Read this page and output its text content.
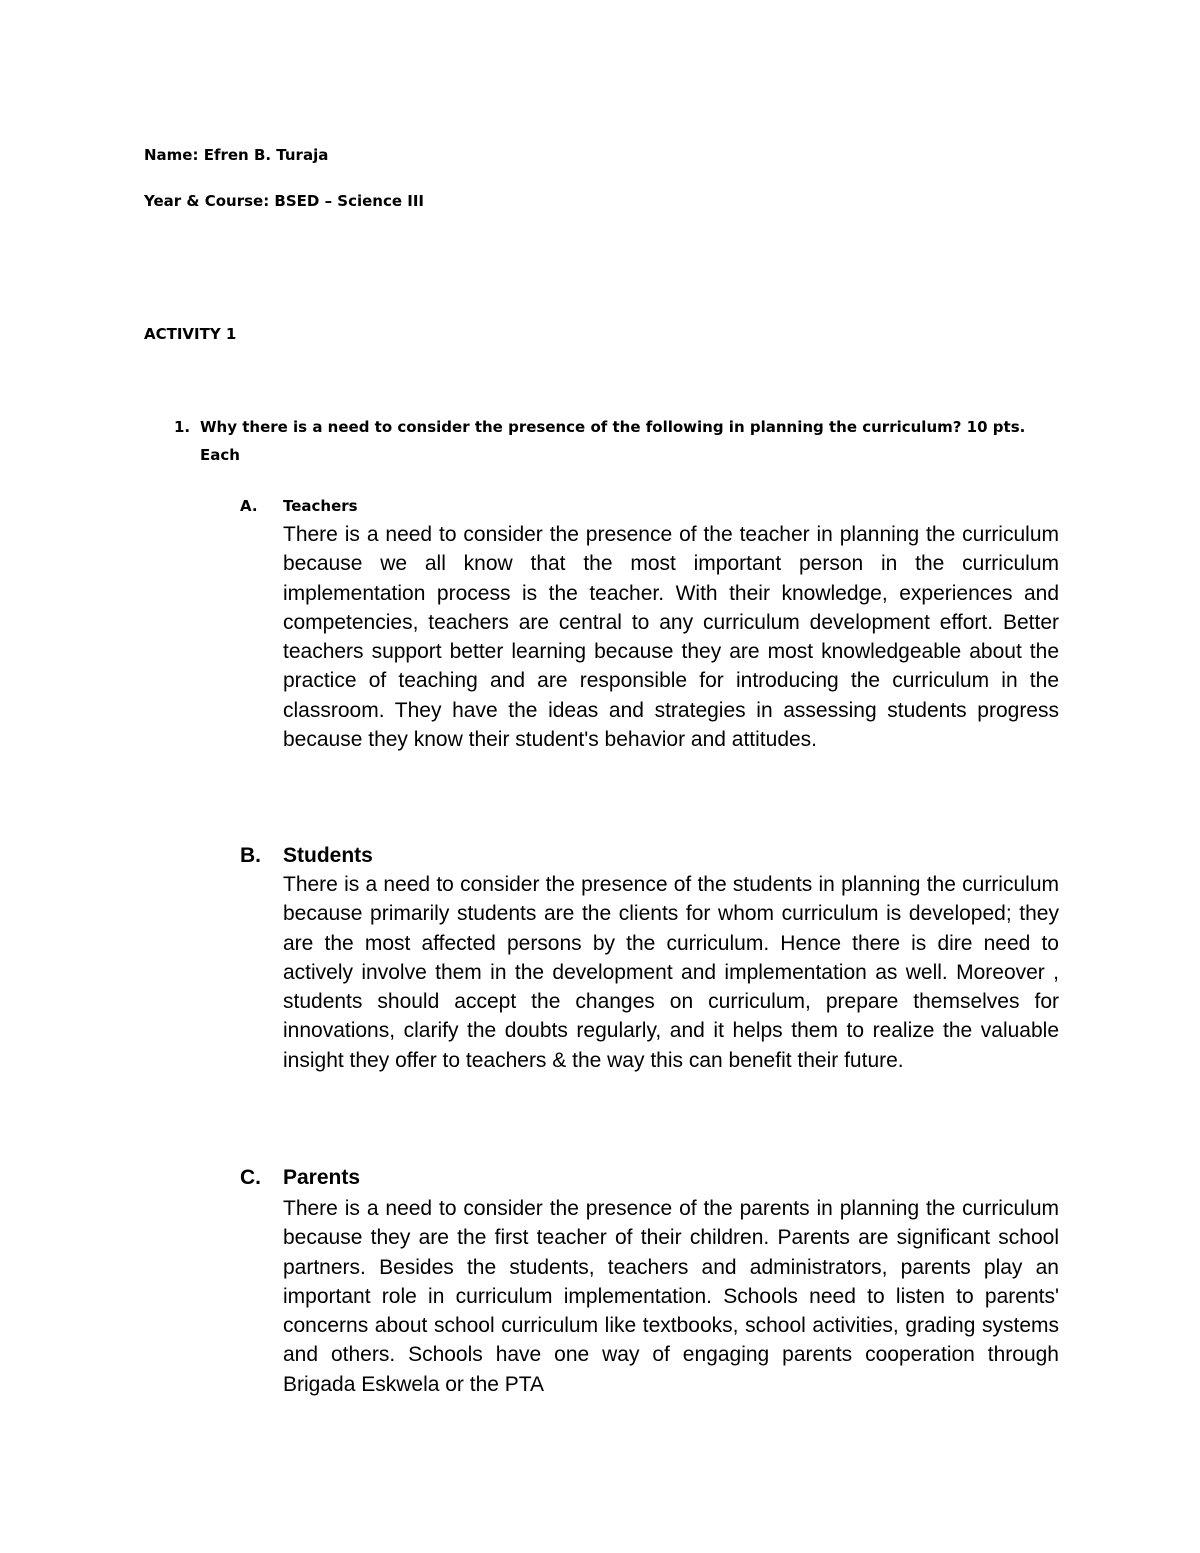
Name: Efren B. Turaja
Year & Course: BSED – Science III
ACTIVITY 1
1. Why there is a need to consider the presence of the following in planning the curriculum? 10 pts. Each
A. Teachers

There is a need to consider the presence of the teacher in planning the curriculum because we all know that the most important person in the curriculum implementation process is the teacher. With their knowledge, experiences and competencies, teachers are central to any curriculum development effort. Better teachers support better learning because they are most knowledgeable about the practice of teaching and are responsible for introducing the curriculum in the classroom. They have the ideas and strategies in assessing students progress because they know their student's behavior and attitudes.

B. Students

There is a need to consider the presence of the students in planning the curriculum because primarily students are the clients for whom curriculum is developed; they are the most affected persons by the curriculum. Hence there is dire need to actively involve them in the development and implementation as well. Moreover , students should accept the changes on curriculum, prepare themselves for innovations, clarify the doubts regularly, and it helps them to realize the valuable insight they offer to teachers & the way this can benefit their future.

C. Parents

There is a need to consider the presence of the parents in planning the curriculum because they are the first teacher of their children. Parents are significant school partners. Besides the students, teachers and administrators, parents play an important role in curriculum implementation. Schools need to listen to parents' concerns about school curriculum like textbooks, school activities, grading systems and others. Schools have one way of engaging parents cooperation through Brigada Eskwela or the PTA
